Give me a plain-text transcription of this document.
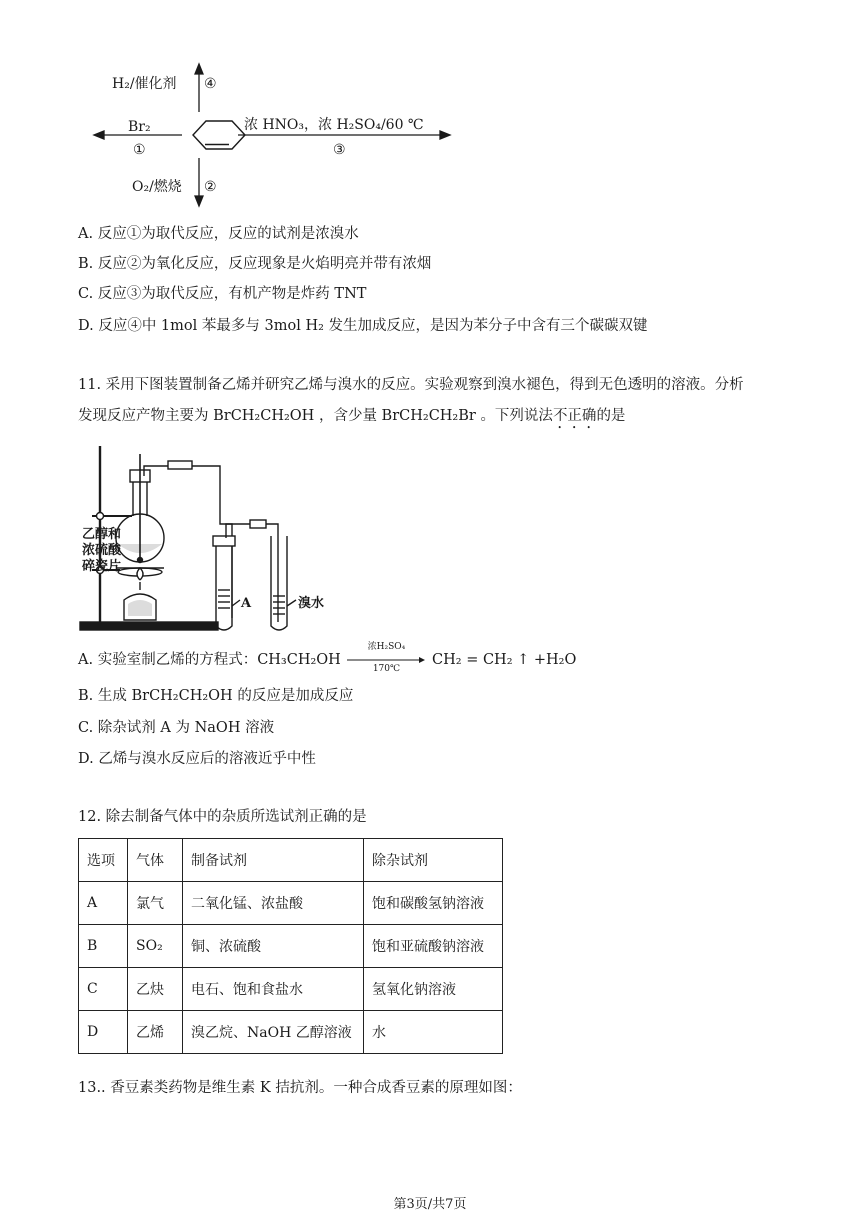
H₂/催化剂 ④
Br₂
①
浓 HNO₃，浓 H₂SO₄/60 ℃
③
O₂/燃烧 ②
A. 反应①为取代反应，反应的试剂是浓溴水
B. 反应②为氧化反应，反应现象是火焰明亮并带有浓烟
C. 反应③为取代反应，有机产物是炸药 TNT
D. 反应④中 1mol 苯最多与 3mol H₂ 发生加成反应，是因为苯分子中含有三个碳碳双键
11. 采用下图装置制备乙烯并研究乙烯与溴水的反应。实验观察到溴水褪色，得到无色透明的溶液。分析
发现反应产物主要为 BrCH₂CH₂OH ，含少量 BrCH₂CH₂Br 。下列说法不正确的是
乙醇和
浓硫酸
碎瓷片
A	溴水
A. 实验室制乙烯的方程式：CH₃CH₂OH
浓H₂SO₄
170℃
CH₂ = CH₂ ↑ +H₂O
B. 生成 BrCH₂CH₂OH 的反应是加成反应
C. 除杂试剂 A 为 NaOH 溶液
D. 乙烯与溴水反应后的溶液近乎中性
12. 除去制备气体中的杂质所选试剂正确的是
选项	气体	制备试剂	除杂试剂
A	氯气	二氧化锰、浓盐酸	饱和碳酸氢钠溶液
B	SO₂	铜、浓硫酸	饱和亚硫酸钠溶液
C	乙炔	电石、饱和食盐水	氢氧化钠溶液
D	乙烯	溴乙烷、NaOH 乙醇溶液	水
13.. 香豆素类药物是维生素 K 拮抗剂。一种合成香豆素的原理如图：
第3页/共7页
